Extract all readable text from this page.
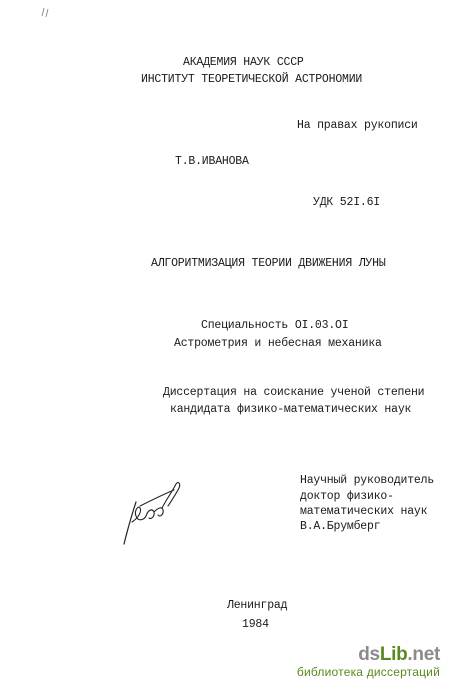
АКАДЕМИЯ НАУК СССР
ИНСТИТУТ ТЕОРЕТИЧЕСКОЙ АСТРОНОМИИ
На правах рукописи
Т.В.ИВАНОВА
УДК 52I.6I
АЛГОРИТМИЗАЦИЯ ТЕОРИИ ДВИЖЕНИЯ ЛУНЫ
Специальность OI.03.OI
Астрометрия и небесная механика
Диссертация на соискание ученой степени
кандидата физико-математических наук
Научный руководитель
доктор физико-
математических наук
В.А.Брумберг
Ленинград
1984
dsLib.net
библиотека диссертаций
